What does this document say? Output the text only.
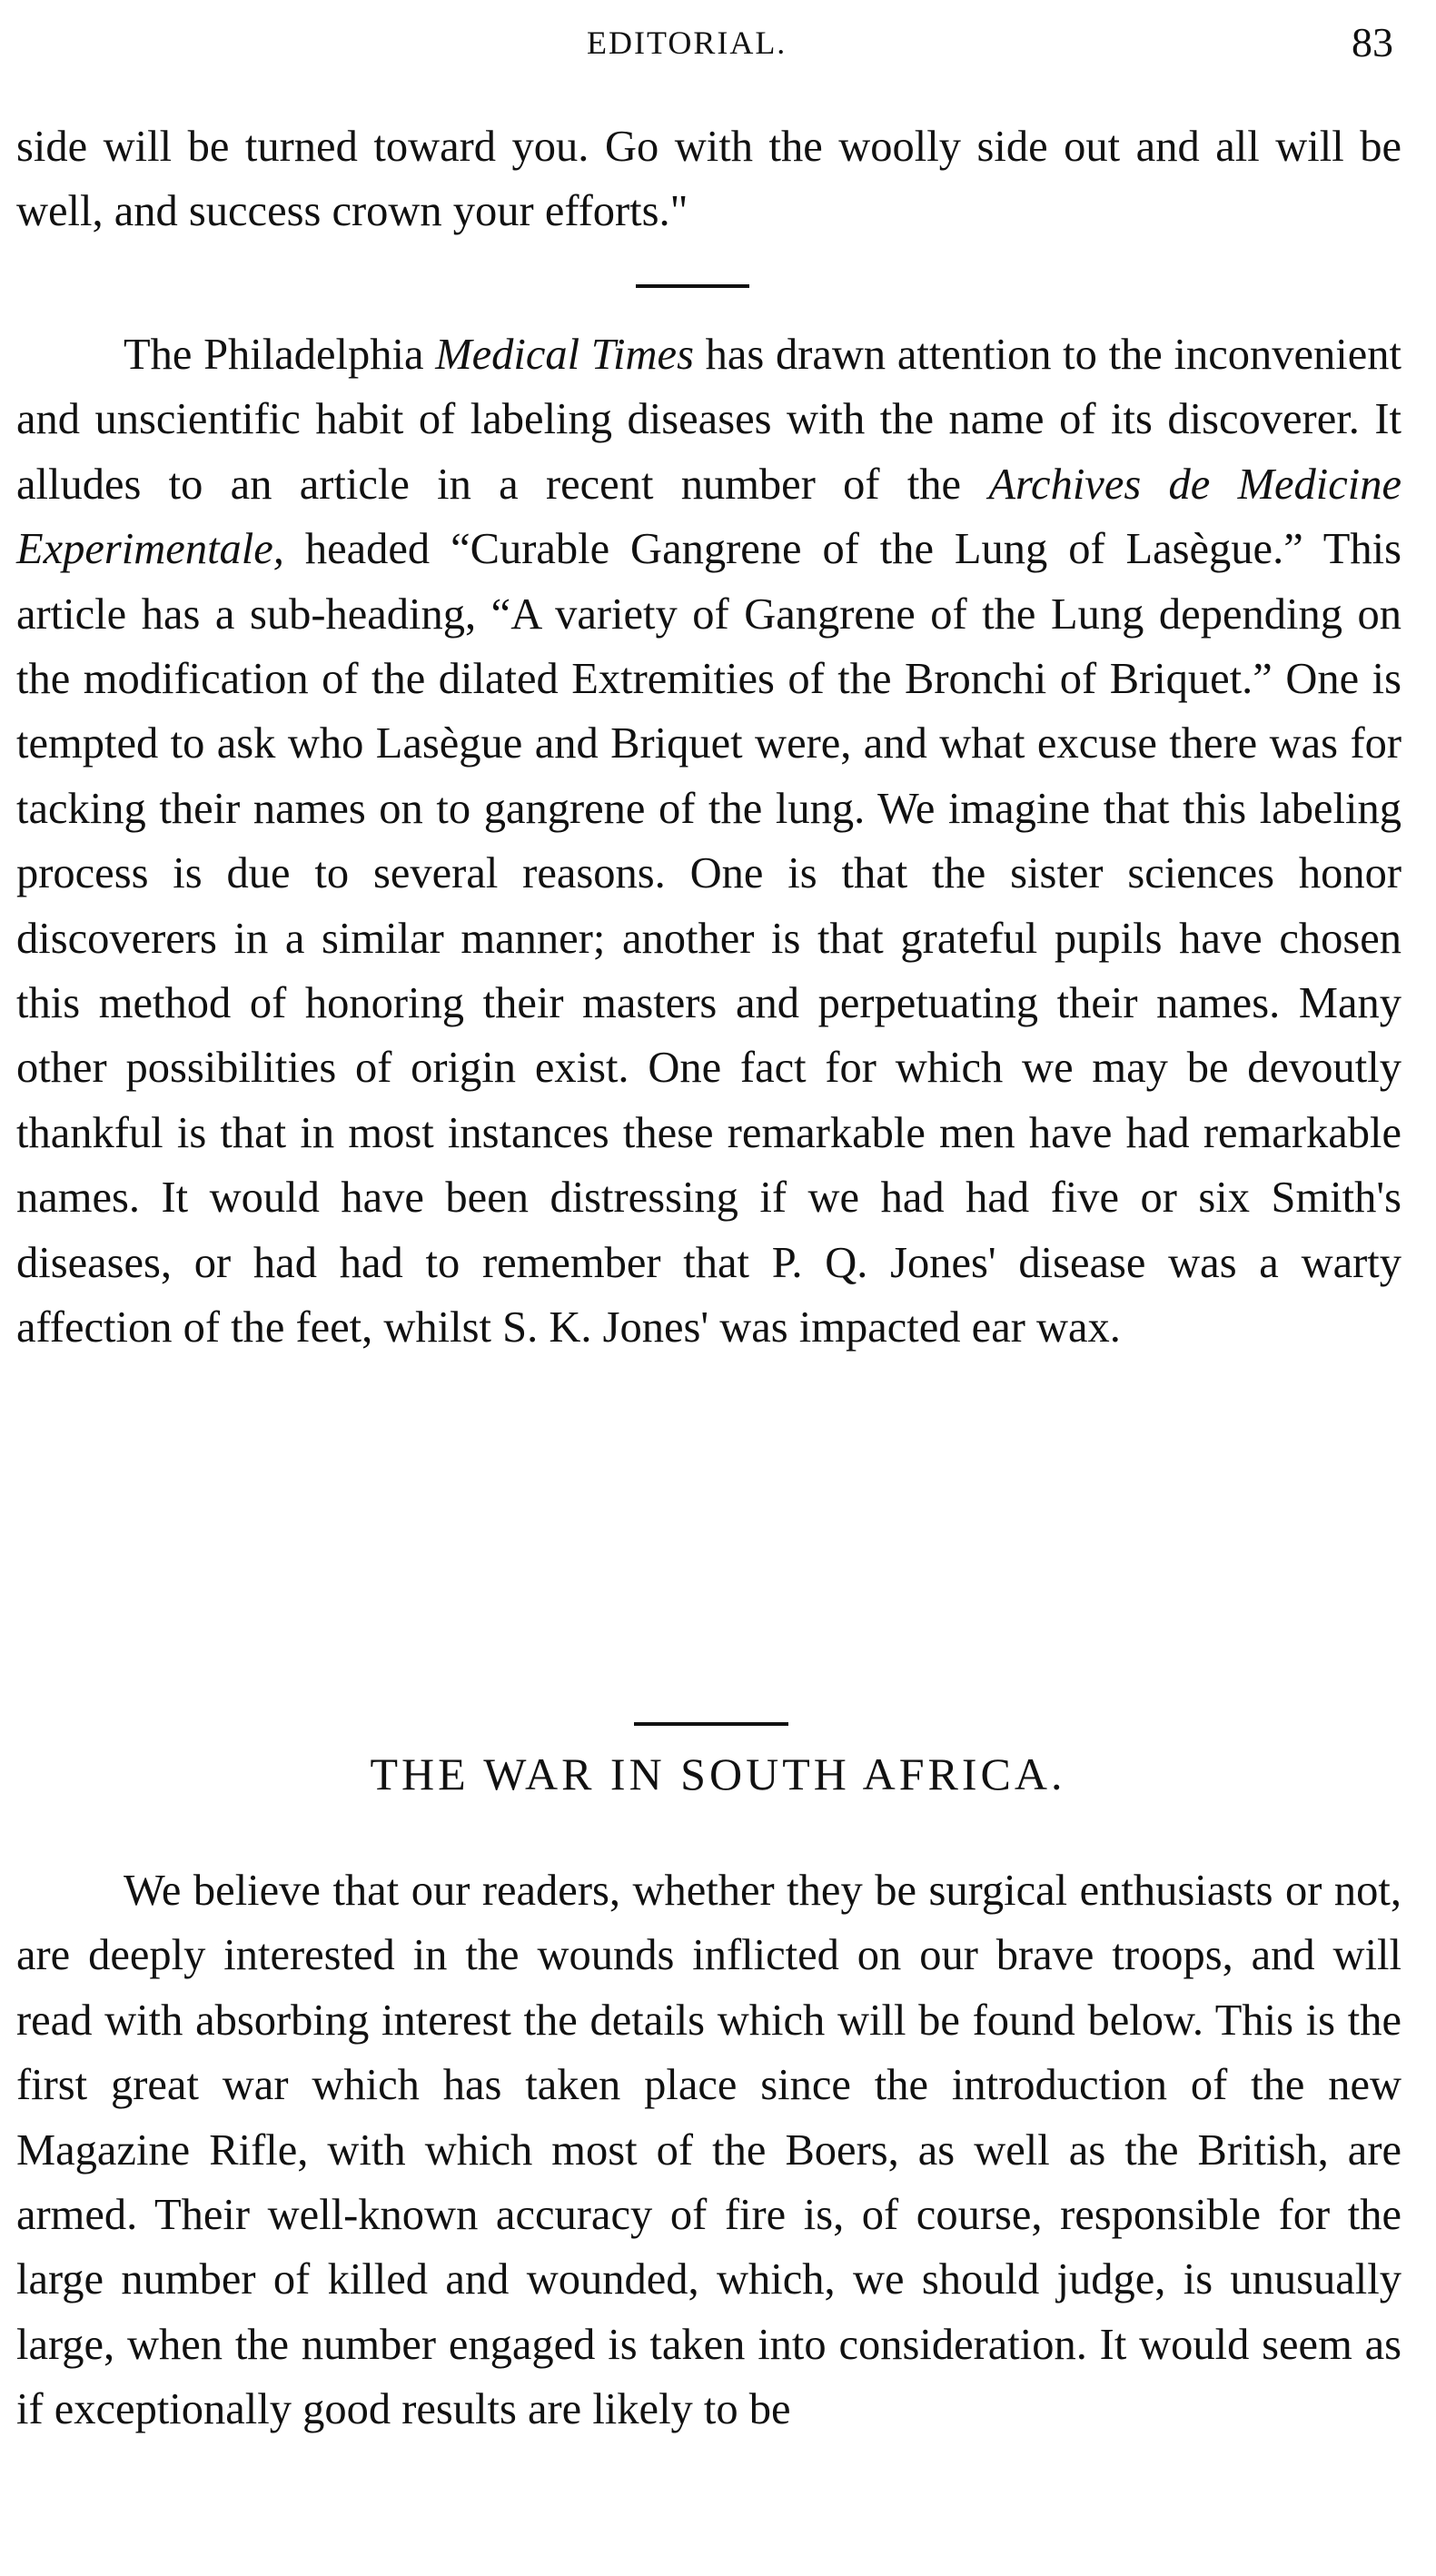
EDITORIAL.	83

side will be turned toward you. Go with the woolly side out and all will be well, and success crown your efforts."

The Philadelphia Medical Times has drawn attention to the inconvenient and unscientific habit of labeling diseases with the name of its discoverer. It alludes to an article in a recent number of the Archives de Medicine Experimentale, headed “Curable Gangrene of the Lung of Lasègue.” This article has a sub-heading, “A variety of Gangrene of the Lung depending on the modification of the dilated Extremities of the Bronchi of Briquet.” One is tempted to ask who Lasègue and Briquet were, and what excuse there was for tacking their names on to gangrene of the lung. We imagine that this labeling process is due to several reasons. One is that the sister sciences honor discoverers in a similar manner; another is that grateful pupils have chosen this method of honoring their masters and perpetuating their names. Many other possibilities of origin exist. One fact for which we may be devoutly thankful is that in most instances these remarkable men have had remarkable names. It would have been distressing if we had had five or six Smith's diseases, or had had to remember that P. Q. Jones' disease was a warty affection of the feet, whilst S. K. Jones' was impacted ear wax.

THE WAR IN SOUTH AFRICA.

We believe that our readers, whether they be surgical enthusiasts or not, are deeply interested in the wounds inflicted on our brave troops, and will read with absorbing interest the details which will be found below. This is the first great war which has taken place since the introduction of the new Magazine Rifle, with which most of the Boers, as well as the British, are armed. Their well-known accuracy of fire is, of course, responsible for the large number of killed and wounded, which, we should judge, is unusually large, when the number engaged is taken into consideration. It would seem as if exceptionally good results are likely to be
